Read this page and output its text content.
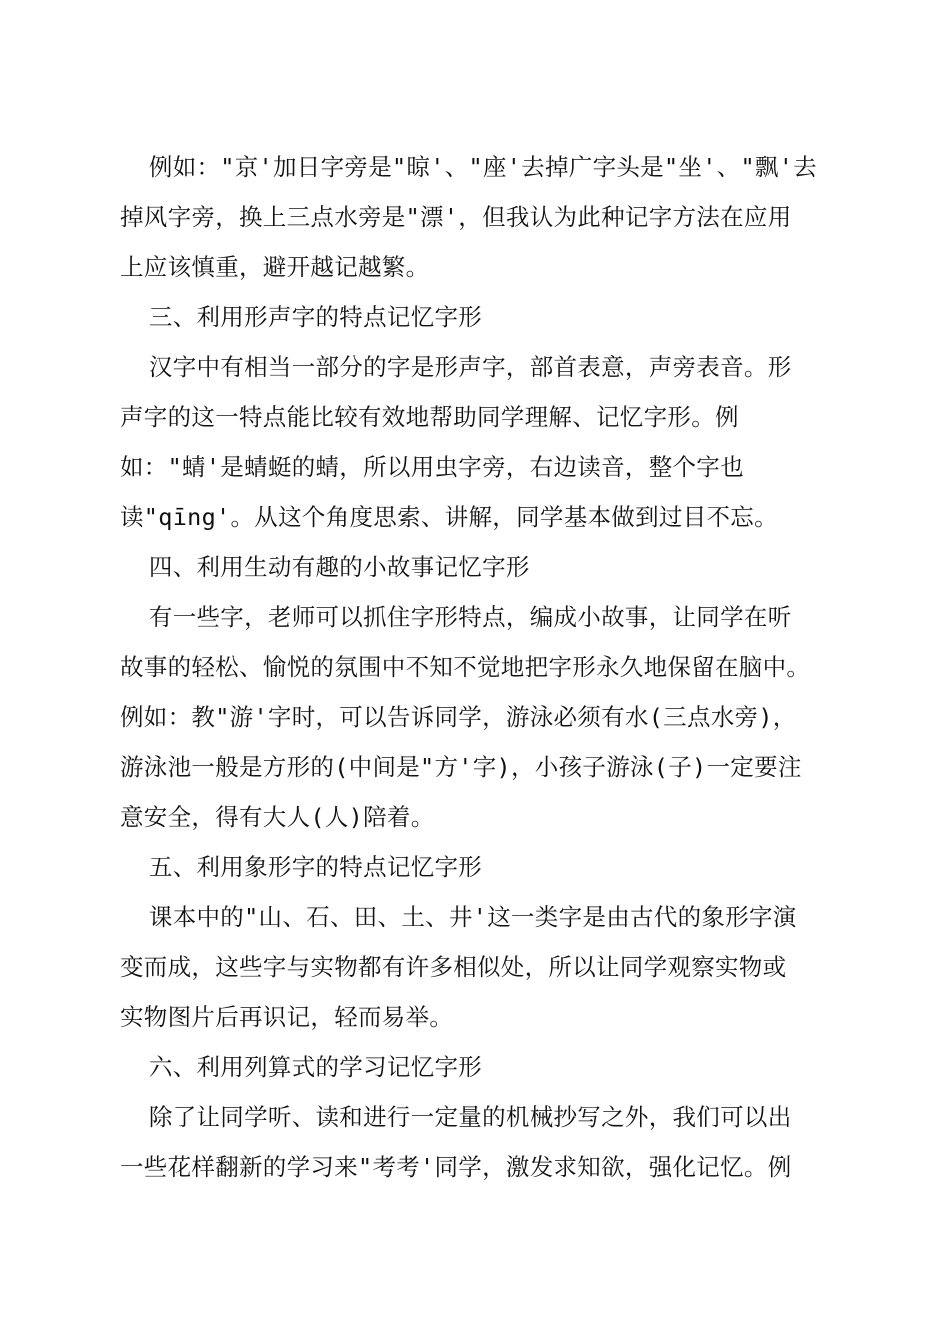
例如："京'加日字旁是"晾'、"座'去掉广字头是"坐'、"飘'去
掉风字旁，换上三点水旁是"漂'，但我认为此种记字方法在应用
上应该慎重，避开越记越繁。
三、利用形声字的特点记忆字形
汉字中有相当一部分的字是形声字，部首表意，声旁表音。形
声字的这一特点能比较有效地帮助同学理解、记忆字形。例
如："蜻'是蜻蜓的蜻，所以用虫字旁，右边读音，整个字也
读"qīng'。从这个角度思索、讲解，同学基本做到过目不忘。
四、利用生动有趣的小故事记忆字形
有一些字，老师可以抓住字形特点，编成小故事，让同学在听
故事的轻松、愉悦的氛围中不知不觉地把字形永久地保留在脑中。
例如：教"游'字时，可以告诉同学，游泳必须有水(三点水旁)，
游泳池一般是方形的(中间是"方'字)，小孩子游泳(子)一定要注
意安全，得有大人(人)陪着。
五、利用象形字的特点记忆字形
课本中的"山、石、田、土、井'这一类字是由古代的象形字演
变而成，这些字与实物都有许多相似处，所以让同学观察实物或
实物图片后再识记，轻而易举。
六、利用列算式的学习记忆字形
除了让同学听、读和进行一定量的机械抄写之外，我们可以出
一些花样翻新的学习来"考考'同学，激发求知欲，强化记忆。例
